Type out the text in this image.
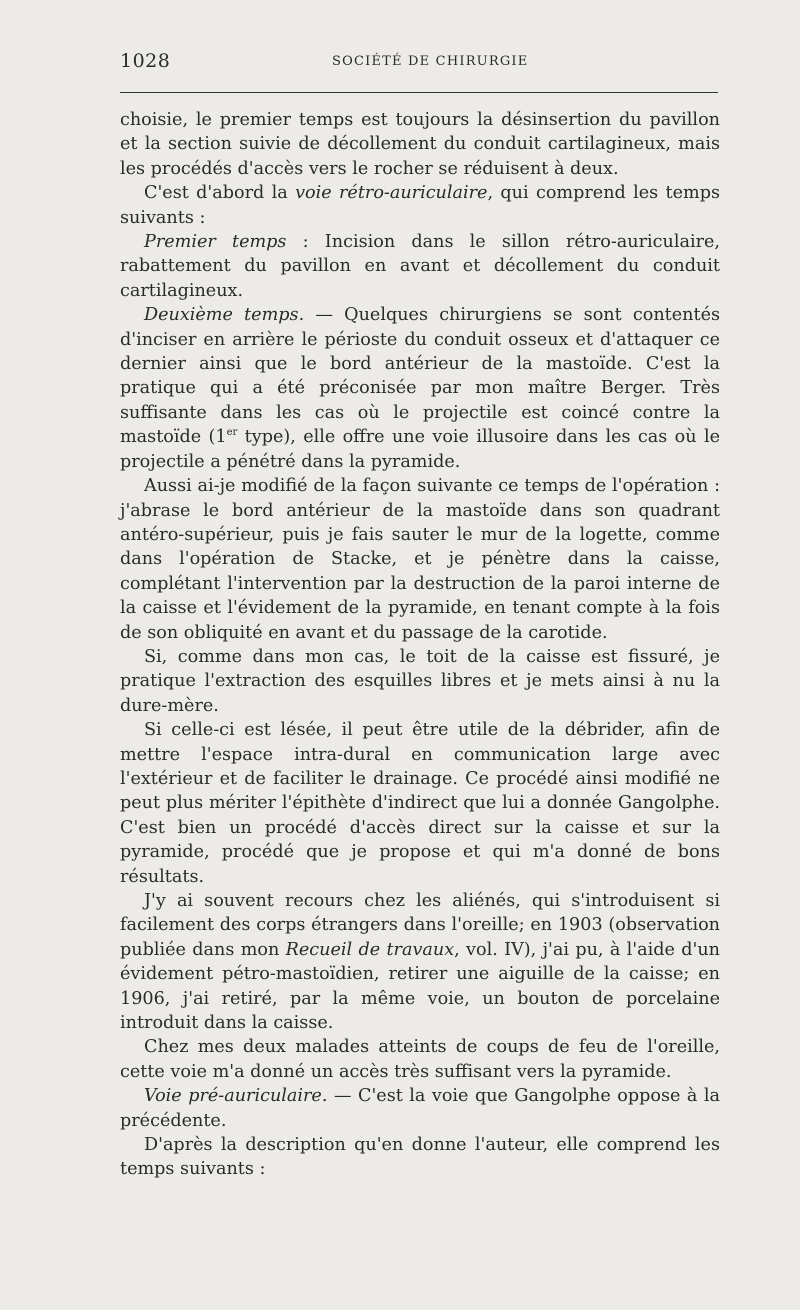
1028	SOCIÉTÉ DE CHIRURGIE

choisie, le premier temps est toujours la désinsertion du pavillon et la section suivie de décollement du conduit cartilagineux, mais les procédés d'accès vers le rocher se réduisent à deux.

C'est d'abord la voie rétro-auriculaire, qui comprend les temps suivants :

Premier temps : Incision dans le sillon rétro-auriculaire, rabattement du pavillon en avant et décollement du conduit cartilagineux.

Deuxième temps. — Quelques chirurgiens se sont contentés d'inciser en arrière le périoste du conduit osseux et d'attaquer ce dernier ainsi que le bord antérieur de la mastoïde. C'est la pratique qui a été préconisée par mon maître Berger. Très suffisante dans les cas où le projectile est coincé contre la mastoïde (1er type), elle offre une voie illusoire dans les cas où le projectile a pénétré dans la pyramide.

Aussi ai-je modifié de la façon suivante ce temps de l'opération : j'abrase le bord antérieur de la mastoïde dans son quadrant antéro-supérieur, puis je fais sauter le mur de la logette, comme dans l'opération de Stacke, et je pénètre dans la caisse, complétant l'intervention par la destruction de la paroi interne de la caisse et l'évidement de la pyramide, en tenant compte à la fois de son obliquité en avant et du passage de la carotide.

Si, comme dans mon cas, le toit de la caisse est fissuré, je pratique l'extraction des esquilles libres et je mets ainsi à nu la dure-mère.

Si celle-ci est lésée, il peut être utile de la débrider, afin de mettre l'espace intra-dural en communication large avec l'extérieur et de faciliter le drainage. Ce procédé ainsi modifié ne peut plus mériter l'épithète d'indirect que lui a donnée Gangolphe. C'est bien un procédé d'accès direct sur la caisse et sur la pyramide, procédé que je propose et qui m'a donné de bons résultats.

J'y ai souvent recours chez les aliénés, qui s'introduisent si facilement des corps étrangers dans l'oreille; en 1903 (observation publiée dans mon Recueil de travaux, vol. IV), j'ai pu, à l'aide d'un évidement pétro-mastoïdien, retirer une aiguille de la caisse; en 1906, j'ai retiré, par la même voie, un bouton de porcelaine introduit dans la caisse.

Chez mes deux malades atteints de coups de feu de l'oreille, cette voie m'a donné un accès très suffisant vers la pyramide.

Voie pré-auriculaire. — C'est la voie que Gangolphe oppose à la précédente.

D'après la description qu'en donne l'auteur, elle comprend les temps suivants :
